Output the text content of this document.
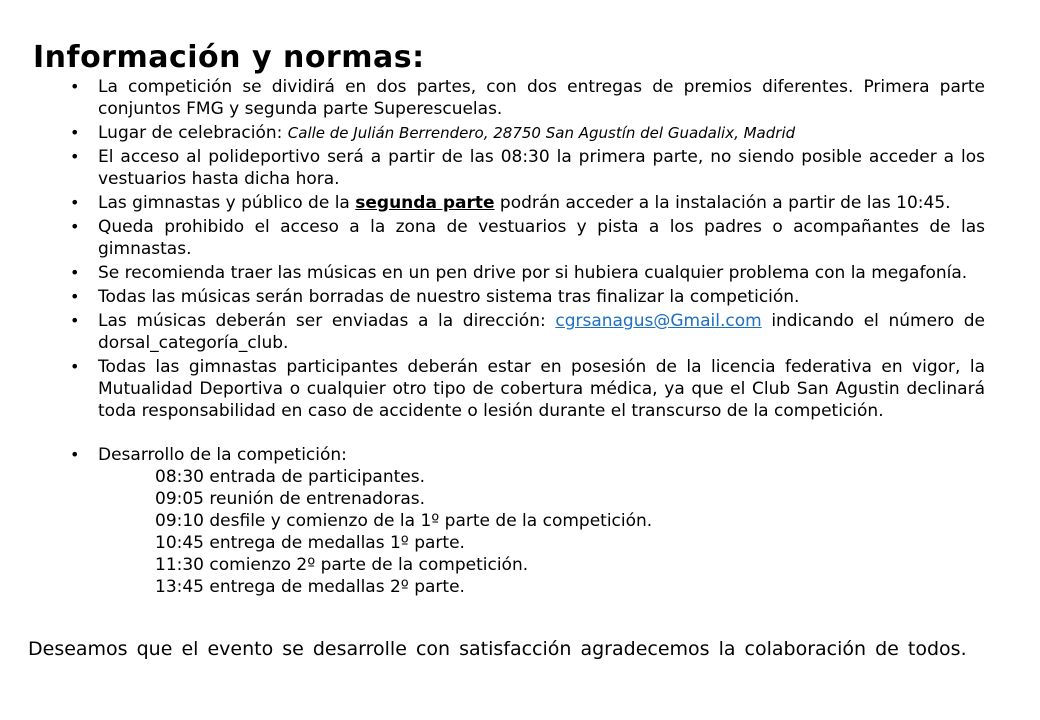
Información y normas:
• La competición se dividirá en dos partes, con dos entregas de premios diferentes. Primera parte conjuntos FMG y segunda parte Superescuelas.
• Lugar de celebración: Calle de Julián Berrendero, 28750 San Agustín del Guadalix, Madrid
• El acceso al polideportivo será a partir de las 08:30 la primera parte, no siendo posible acceder a los vestuarios hasta dicha hora.
• Las gimnastas y público de la segunda parte podrán acceder a la instalación a partir de las 10:45.
• Queda prohibido el acceso a la zona de vestuarios y pista a los padres o acompañantes de las gimnastas.
• Se recomienda traer las músicas en un pen drive por si hubiera cualquier problema con la megafonía.
• Todas las músicas serán borradas de nuestro sistema tras finalizar la competición.
• Las músicas deberán ser enviadas a la dirección: cgrsanagus@Gmail.com indicando el número de dorsal_categoría_club.
• Todas las gimnastas participantes deberán estar en posesión de la licencia federativa en vigor, la Mutualidad Deportiva o cualquier otro tipo de cobertura médica, ya que el Club San Agustin declinará toda responsabilidad en caso de accidente o lesión durante el transcurso de la competición.
• Desarrollo de la competición:
08:30 entrada de participantes.
09:05 reunión de entrenadoras.
09:10 desfile y comienzo de la 1º parte de la competición.
10:45 entrega de medallas 1º parte.
11:30 comienzo 2º parte de la competición.
13:45 entrega de medallas 2º parte.
Deseamos que el evento se desarrolle con satisfacción agradecemos la colaboración de todos.
